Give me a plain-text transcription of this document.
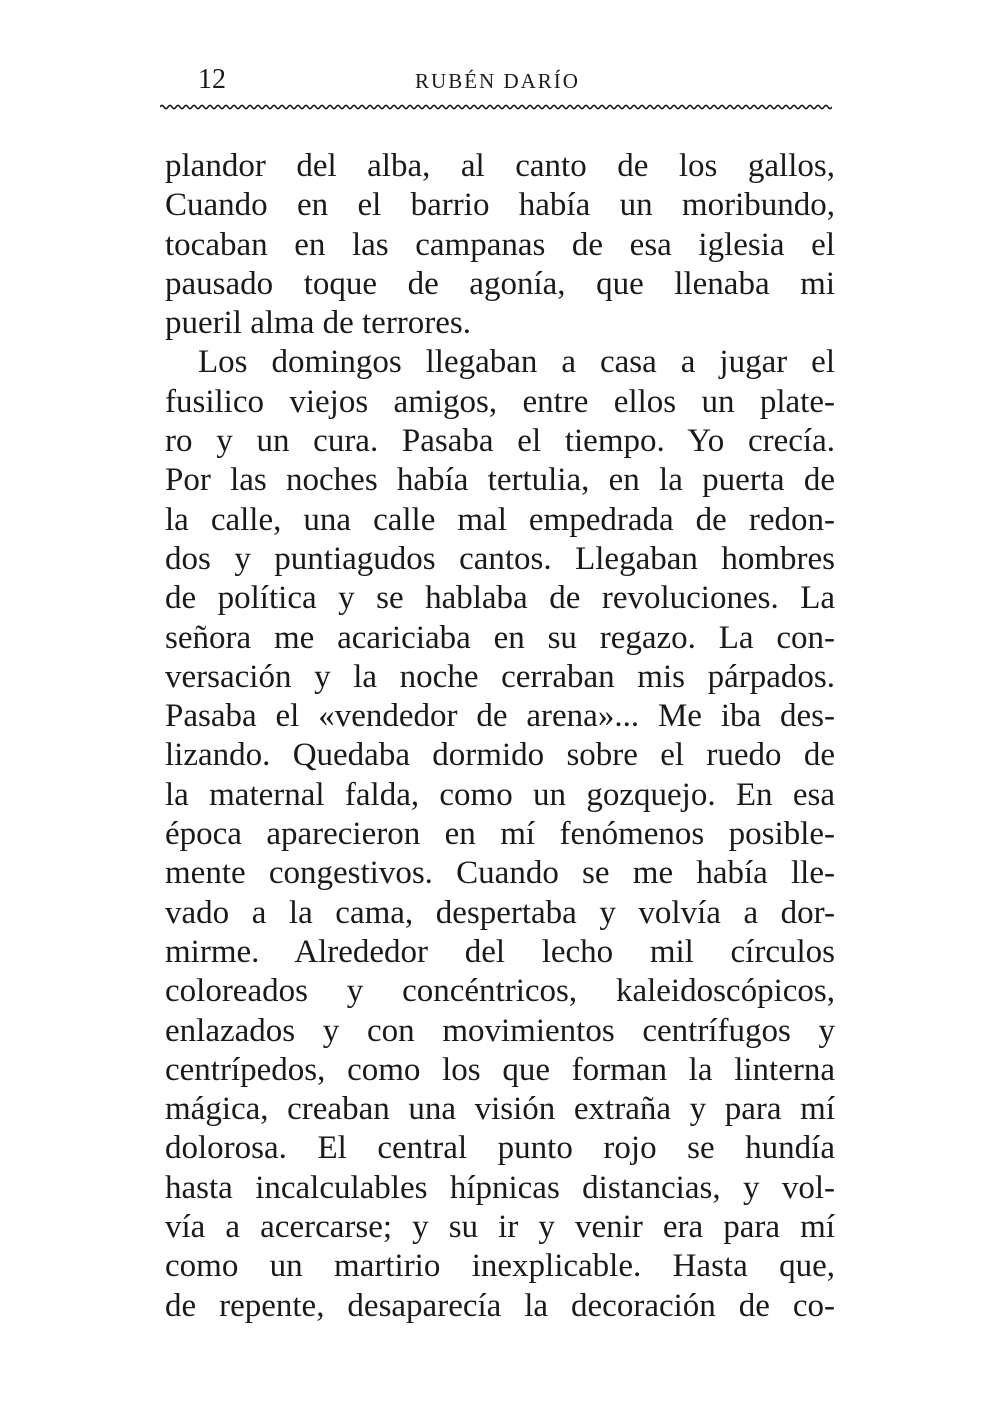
12	RUBÉN DARÍO
plandor del alba, al canto de los gallos,
Cuando en el barrio había un moribundo,
tocaban en las campanas de esa iglesia el
pausado toque de agonía, que llenaba mi
pueril alma de terrores.
Los domingos llegaban a casa a jugar el
fusilico viejos amigos, entre ellos un plate-
ro y un cura. Pasaba el tiempo. Yo crecía.
Por las noches había tertulia, en la puerta de
la calle, una calle mal empedrada de redon-
dos y puntiagudos cantos. Llegaban hombres
de política y se hablaba de revoluciones. La
señora me acariciaba en su regazo. La con-
versación y la noche cerraban mis párpados.
Pasaba el «vendedor de arena»... Me iba des-
lizando. Quedaba dormido sobre el ruedo de
la maternal falda, como un gozquejo. En esa
época aparecieron en mí fenómenos posible-
mente congestivos. Cuando se me había lle-
vado a la cama, despertaba y volvía a dor-
mirme. Alrededor del lecho mil círculos
coloreados y concéntricos, kaleidoscópicos,
enlazados y con movimientos centrífugos y
centrípedos, como los que forman la linterna
mágica, creaban una visión extraña y para mí
dolorosa. El central punto rojo se hundía
hasta incalculables hípnicas distancias, y vol-
vía a acercarse; y su ir y venir era para mí
como un martirio inexplicable. Hasta que,
de repente, desaparecía la decoración de co-
